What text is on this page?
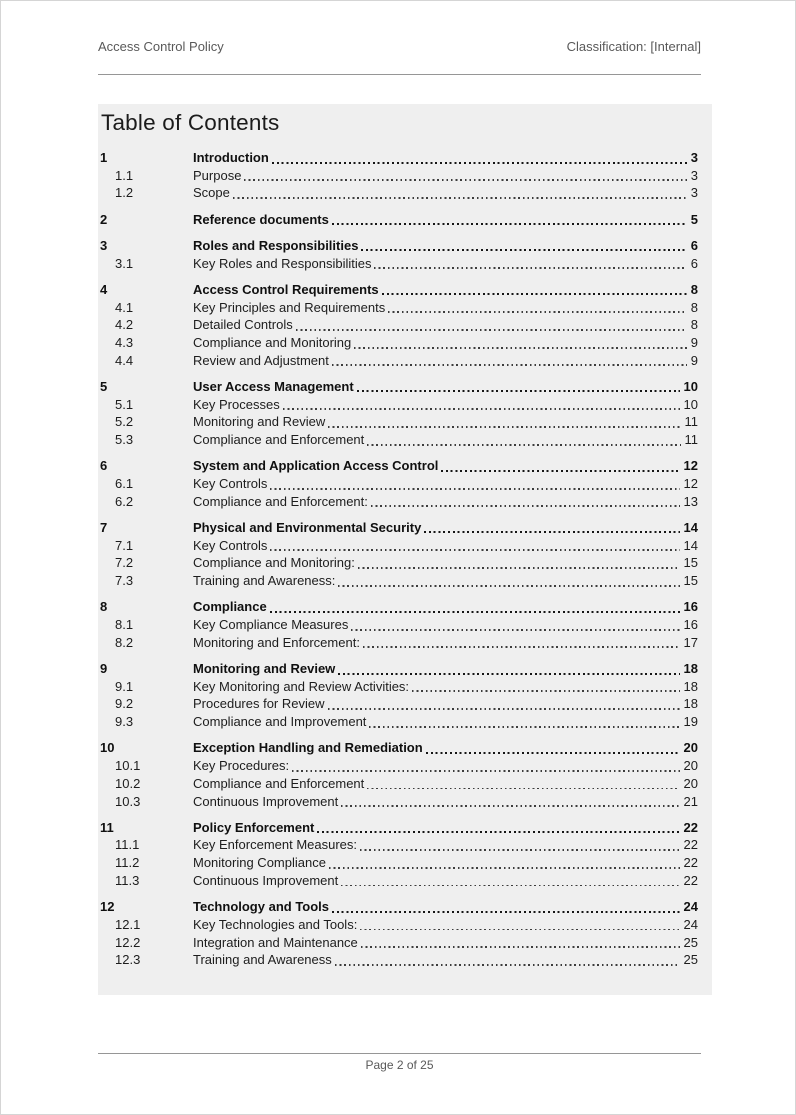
Access Control Policy	Classification: [Internal]
Table of Contents
1	Introduction	3
1.1	Purpose	3
1.2	Scope	3
2	Reference documents	5
3	Roles and Responsibilities	6
3.1	Key Roles and Responsibilities	6
4	Access Control Requirements	8
4.1	Key Principles and Requirements	8
4.2	Detailed Controls	8
4.3	Compliance and Monitoring	9
4.4	Review and Adjustment	9
5	User Access Management	10
5.1	Key Processes	10
5.2	Monitoring and Review	11
5.3	Compliance and Enforcement	11
6	System and Application Access Control	12
6.1	Key Controls	12
6.2	Compliance and Enforcement:	13
7	Physical and Environmental Security	14
7.1	Key Controls	14
7.2	Compliance and Monitoring:	15
7.3	Training and Awareness:	15
8	Compliance	16
8.1	Key Compliance Measures	16
8.2	Monitoring and Enforcement:	17
9	Monitoring and Review	18
9.1	Key Monitoring and Review Activities:	18
9.2	Procedures for Review	18
9.3	Compliance and Improvement	19
10	Exception Handling and Remediation	20
10.1	Key Procedures:	20
10.2	Compliance and Enforcement	20
10.3	Continuous Improvement	21
11	Policy Enforcement	22
11.1	Key Enforcement Measures:	22
11.2	Monitoring Compliance	22
11.3	Continuous Improvement	22
12	Technology and Tools	24
12.1	Key Technologies and Tools:	24
12.2	Integration and Maintenance	25
12.3	Training and Awareness	25
Page 2 of 25
